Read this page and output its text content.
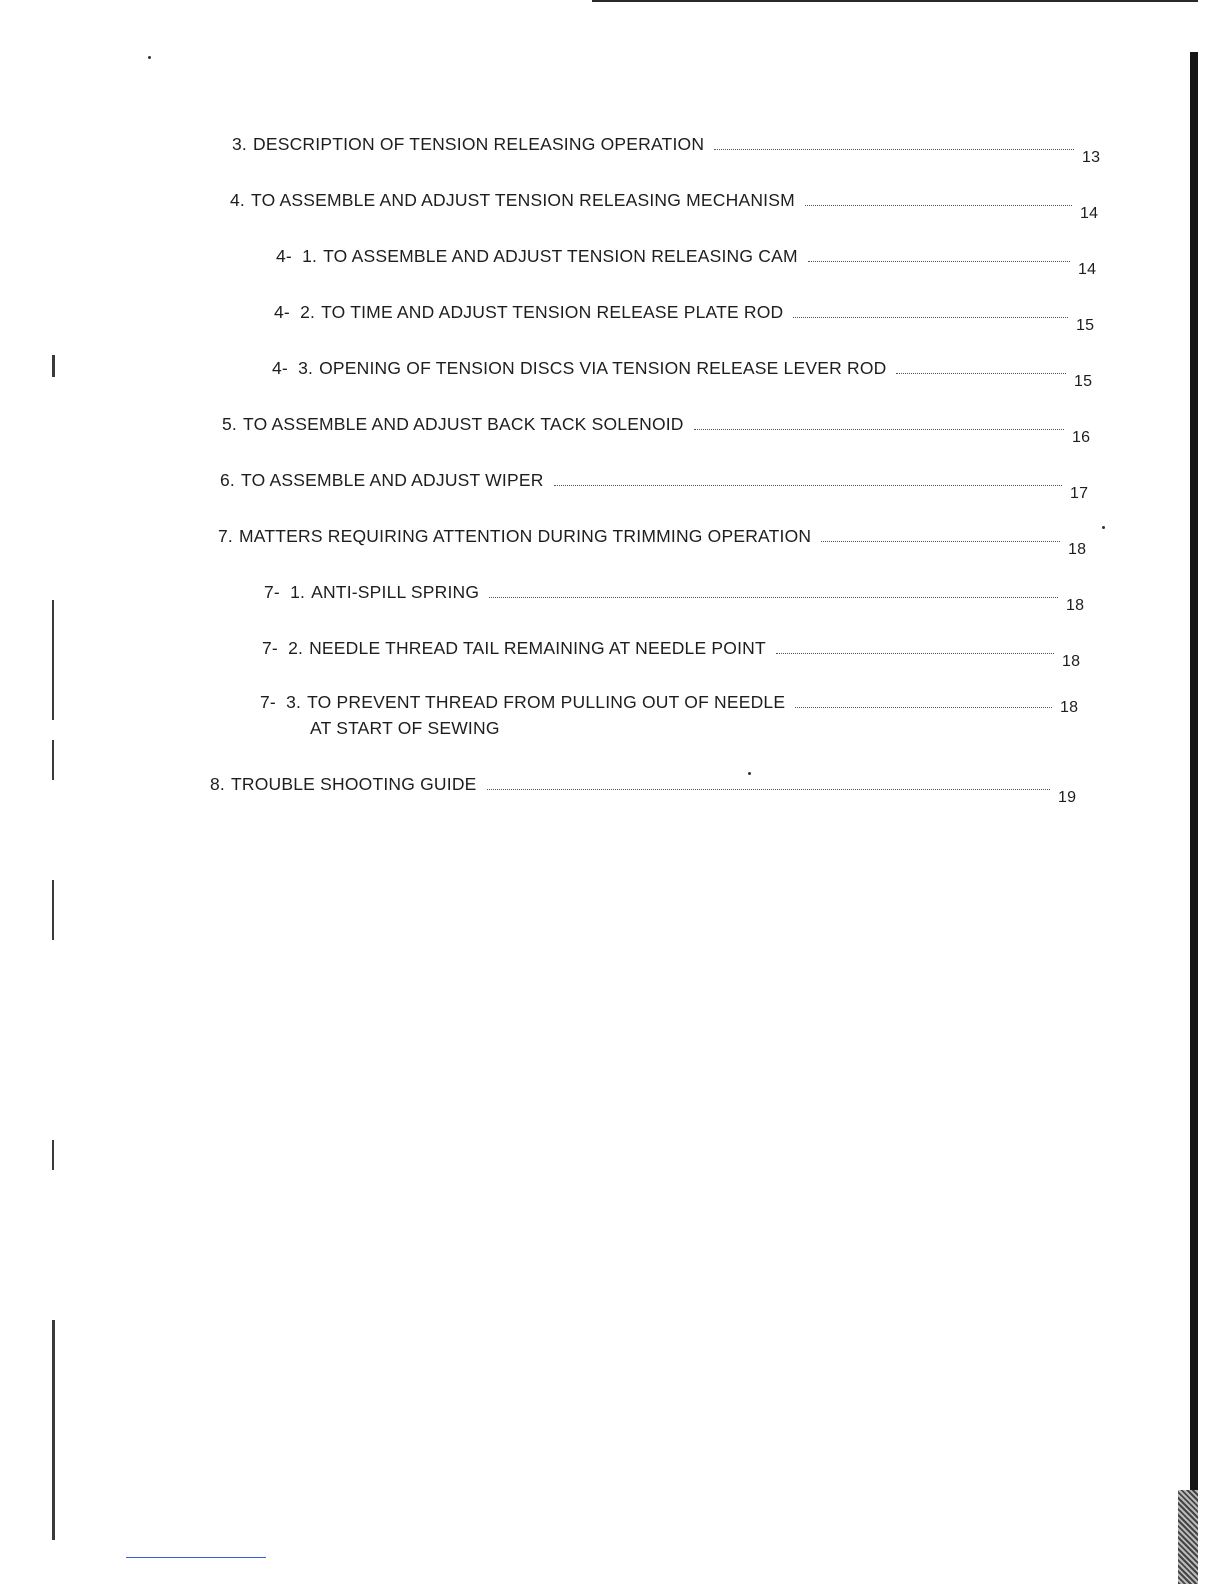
3. DESCRIPTION OF TENSION RELEASING OPERATION
13
4. TO ASSEMBLE AND ADJUST TENSION RELEASING MECHANISM
14
4-  1. TO ASSEMBLE AND ADJUST TENSION RELEASING CAM
14
4-  2. TO TIME AND ADJUST TENSION RELEASE PLATE ROD
15
4-  3. OPENING OF TENSION DISCS VIA TENSION RELEASE LEVER ROD
15
5. TO ASSEMBLE AND ADJUST BACK TACK SOLENOID
16
6. TO ASSEMBLE AND ADJUST WIPER
17
7. MATTERS REQUIRING ATTENTION DURING TRIMMING OPERATION
18
7-  1. ANTI-SPILL SPRING
18
7-  2. NEEDLE THREAD TAIL REMAINING AT NEEDLE POINT
18
7-  3. TO PREVENT THREAD FROM PULLING OUT OF NEEDLE	18
AT START OF SEWING
8. TROUBLE SHOOTING GUIDE
19
